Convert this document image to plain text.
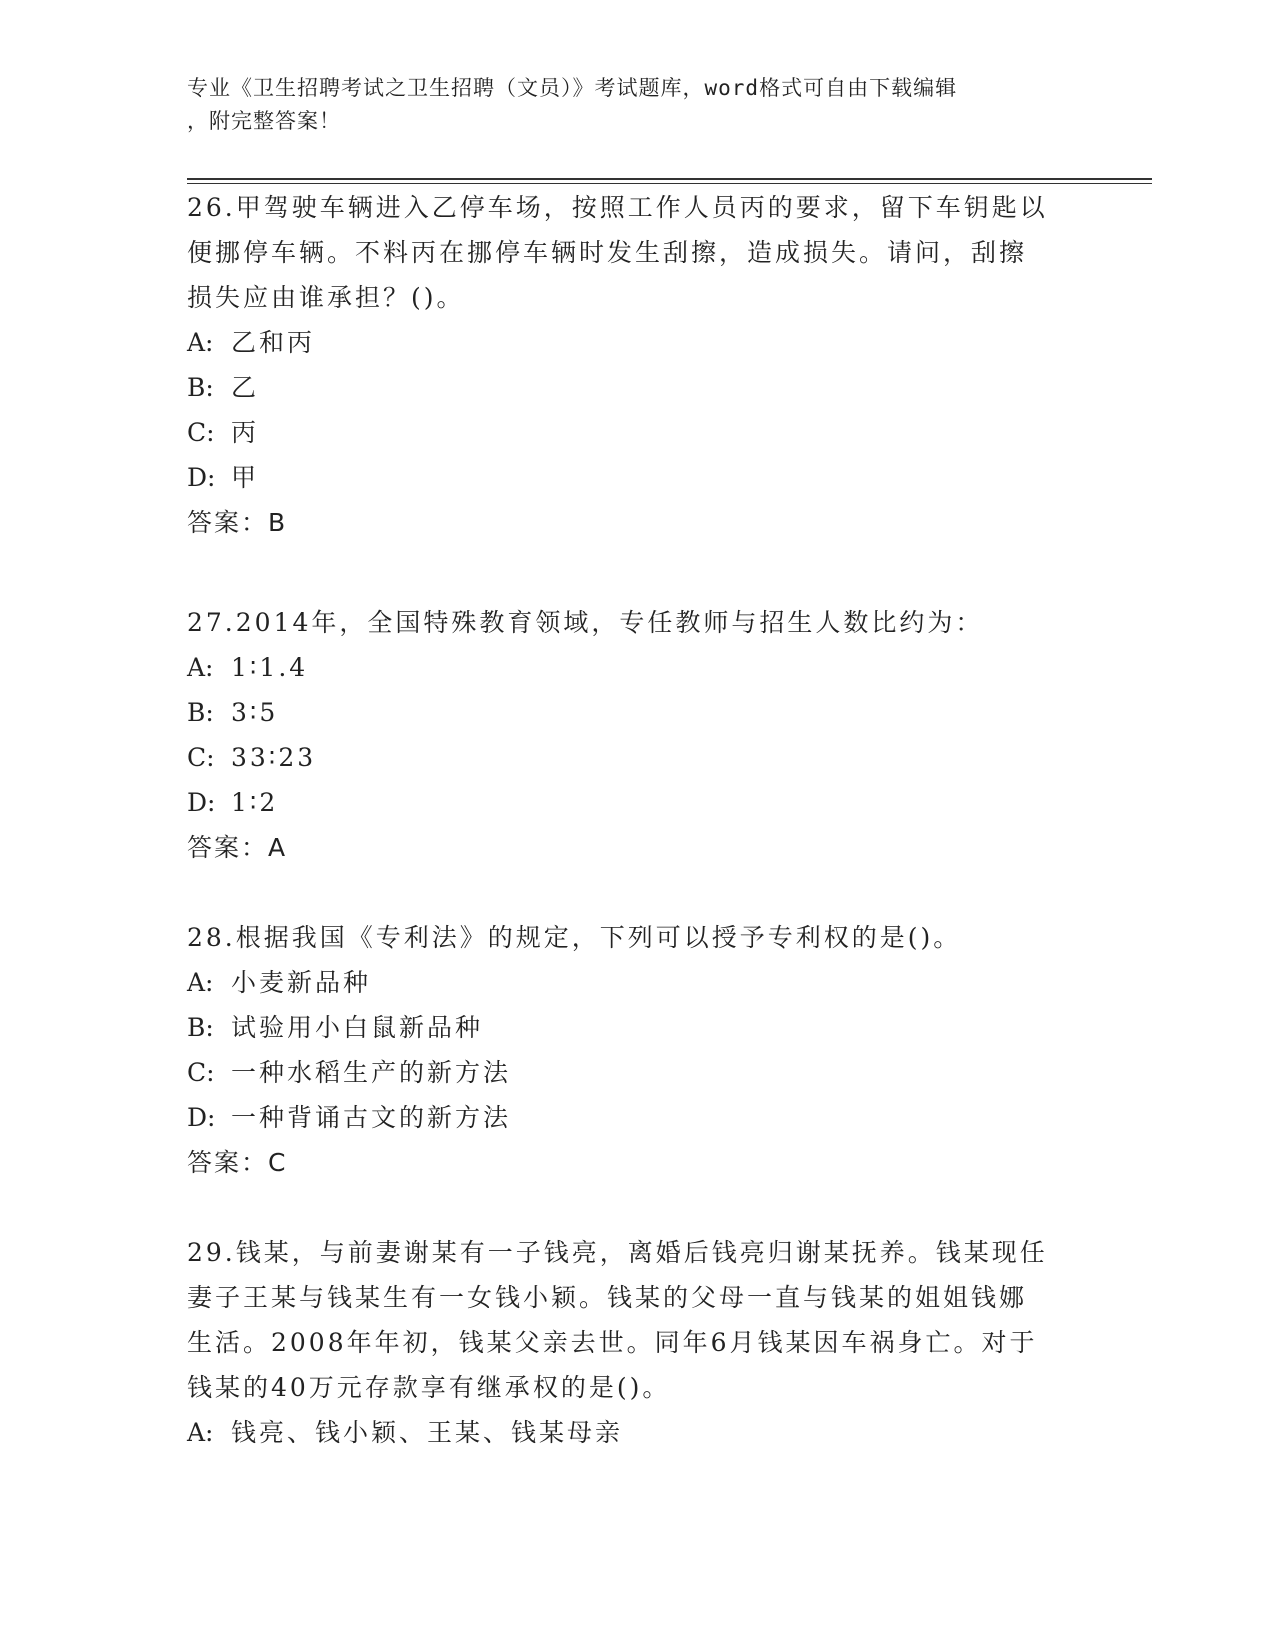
专业《卫生招聘考试之卫生招聘（文员）》考试题库，word格式可自由下载编辑
，附完整答案！
26.甲驾驶车辆进入乙停车场，按照工作人员丙的要求，留下车钥匙以
便挪停车辆。不料丙在挪停车辆时发生刮擦，造成损失。请问，刮擦
损失应由谁承担？()。
A: 乙和丙
B: 乙
C: 丙
D: 甲
答案：B
27.2014年，全国特殊教育领域，专任教师与招生人数比约为：
A: 1∶1.4
B: 3∶5
C: 33∶23
D: 1∶2
答案：A
28.根据我国《专利法》的规定，下列可以授予专利权的是()。
A: 小麦新品种
B: 试验用小白鼠新品种
C: 一种水稻生产的新方法
D: 一种背诵古文的新方法
答案：C
29.钱某，与前妻谢某有一子钱亮，离婚后钱亮归谢某抚养。钱某现任
妻子王某与钱某生有一女钱小颖。钱某的父母一直与钱某的姐姐钱娜
生活。2008年年初，钱某父亲去世。同年6月钱某因车祸身亡。对于
钱某的40万元存款享有继承权的是()。
A: 钱亮、钱小颖、王某、钱某母亲
